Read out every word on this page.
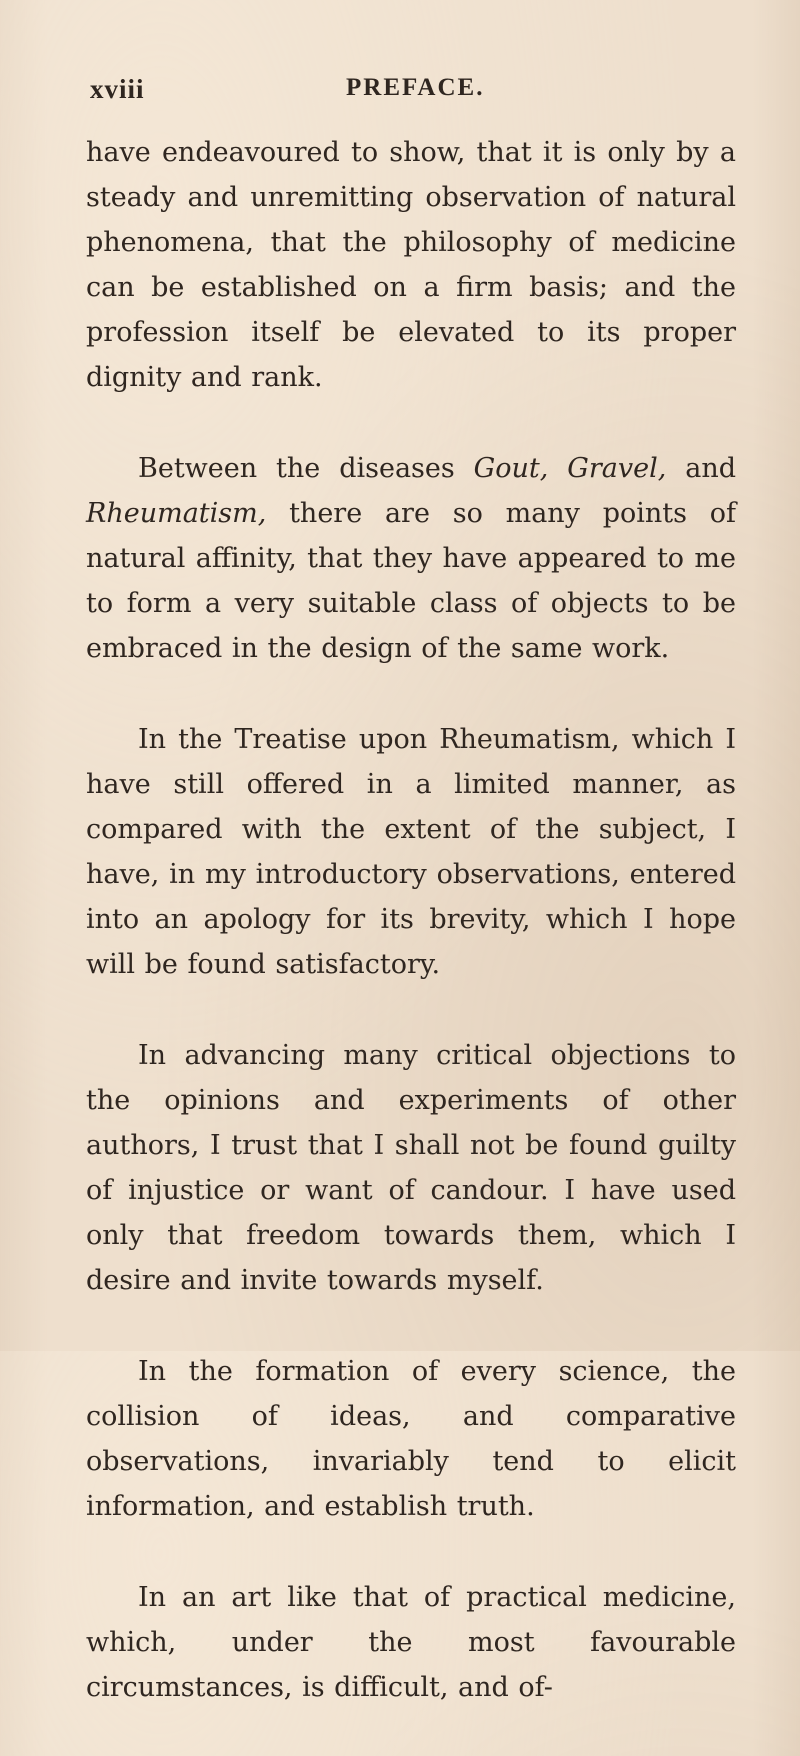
xviii	PREFACE.

have endeavoured to show, that it is only by a steady and unremitting observation of natural phenomena, that the philosophy of medicine can be established on a firm basis; and the profession itself be elevated to its proper dignity and rank.

Between the diseases Gout, Gravel, and Rheumatism, there are so many points of natural affinity, that they have appeared to me to form a very suitable class of objects to be embraced in the design of the same work.

In the Treatise upon Rheumatism, which I have still offered in a limited manner, as compared with the extent of the subject, I have, in my introductory observations, entered into an apology for its brevity, which I hope will be found satisfactory.

In advancing many critical objections to the opinions and experiments of other authors, I trust that I shall not be found guilty of injustice or want of candour. I have used only that freedom towards them, which I desire and invite towards myself.

In the formation of every science, the collision of ideas, and comparative observations, invariably tend to elicit information, and establish truth.

In an art like that of practical medicine, which, under the most favourable circumstances, is difficult, and of-
